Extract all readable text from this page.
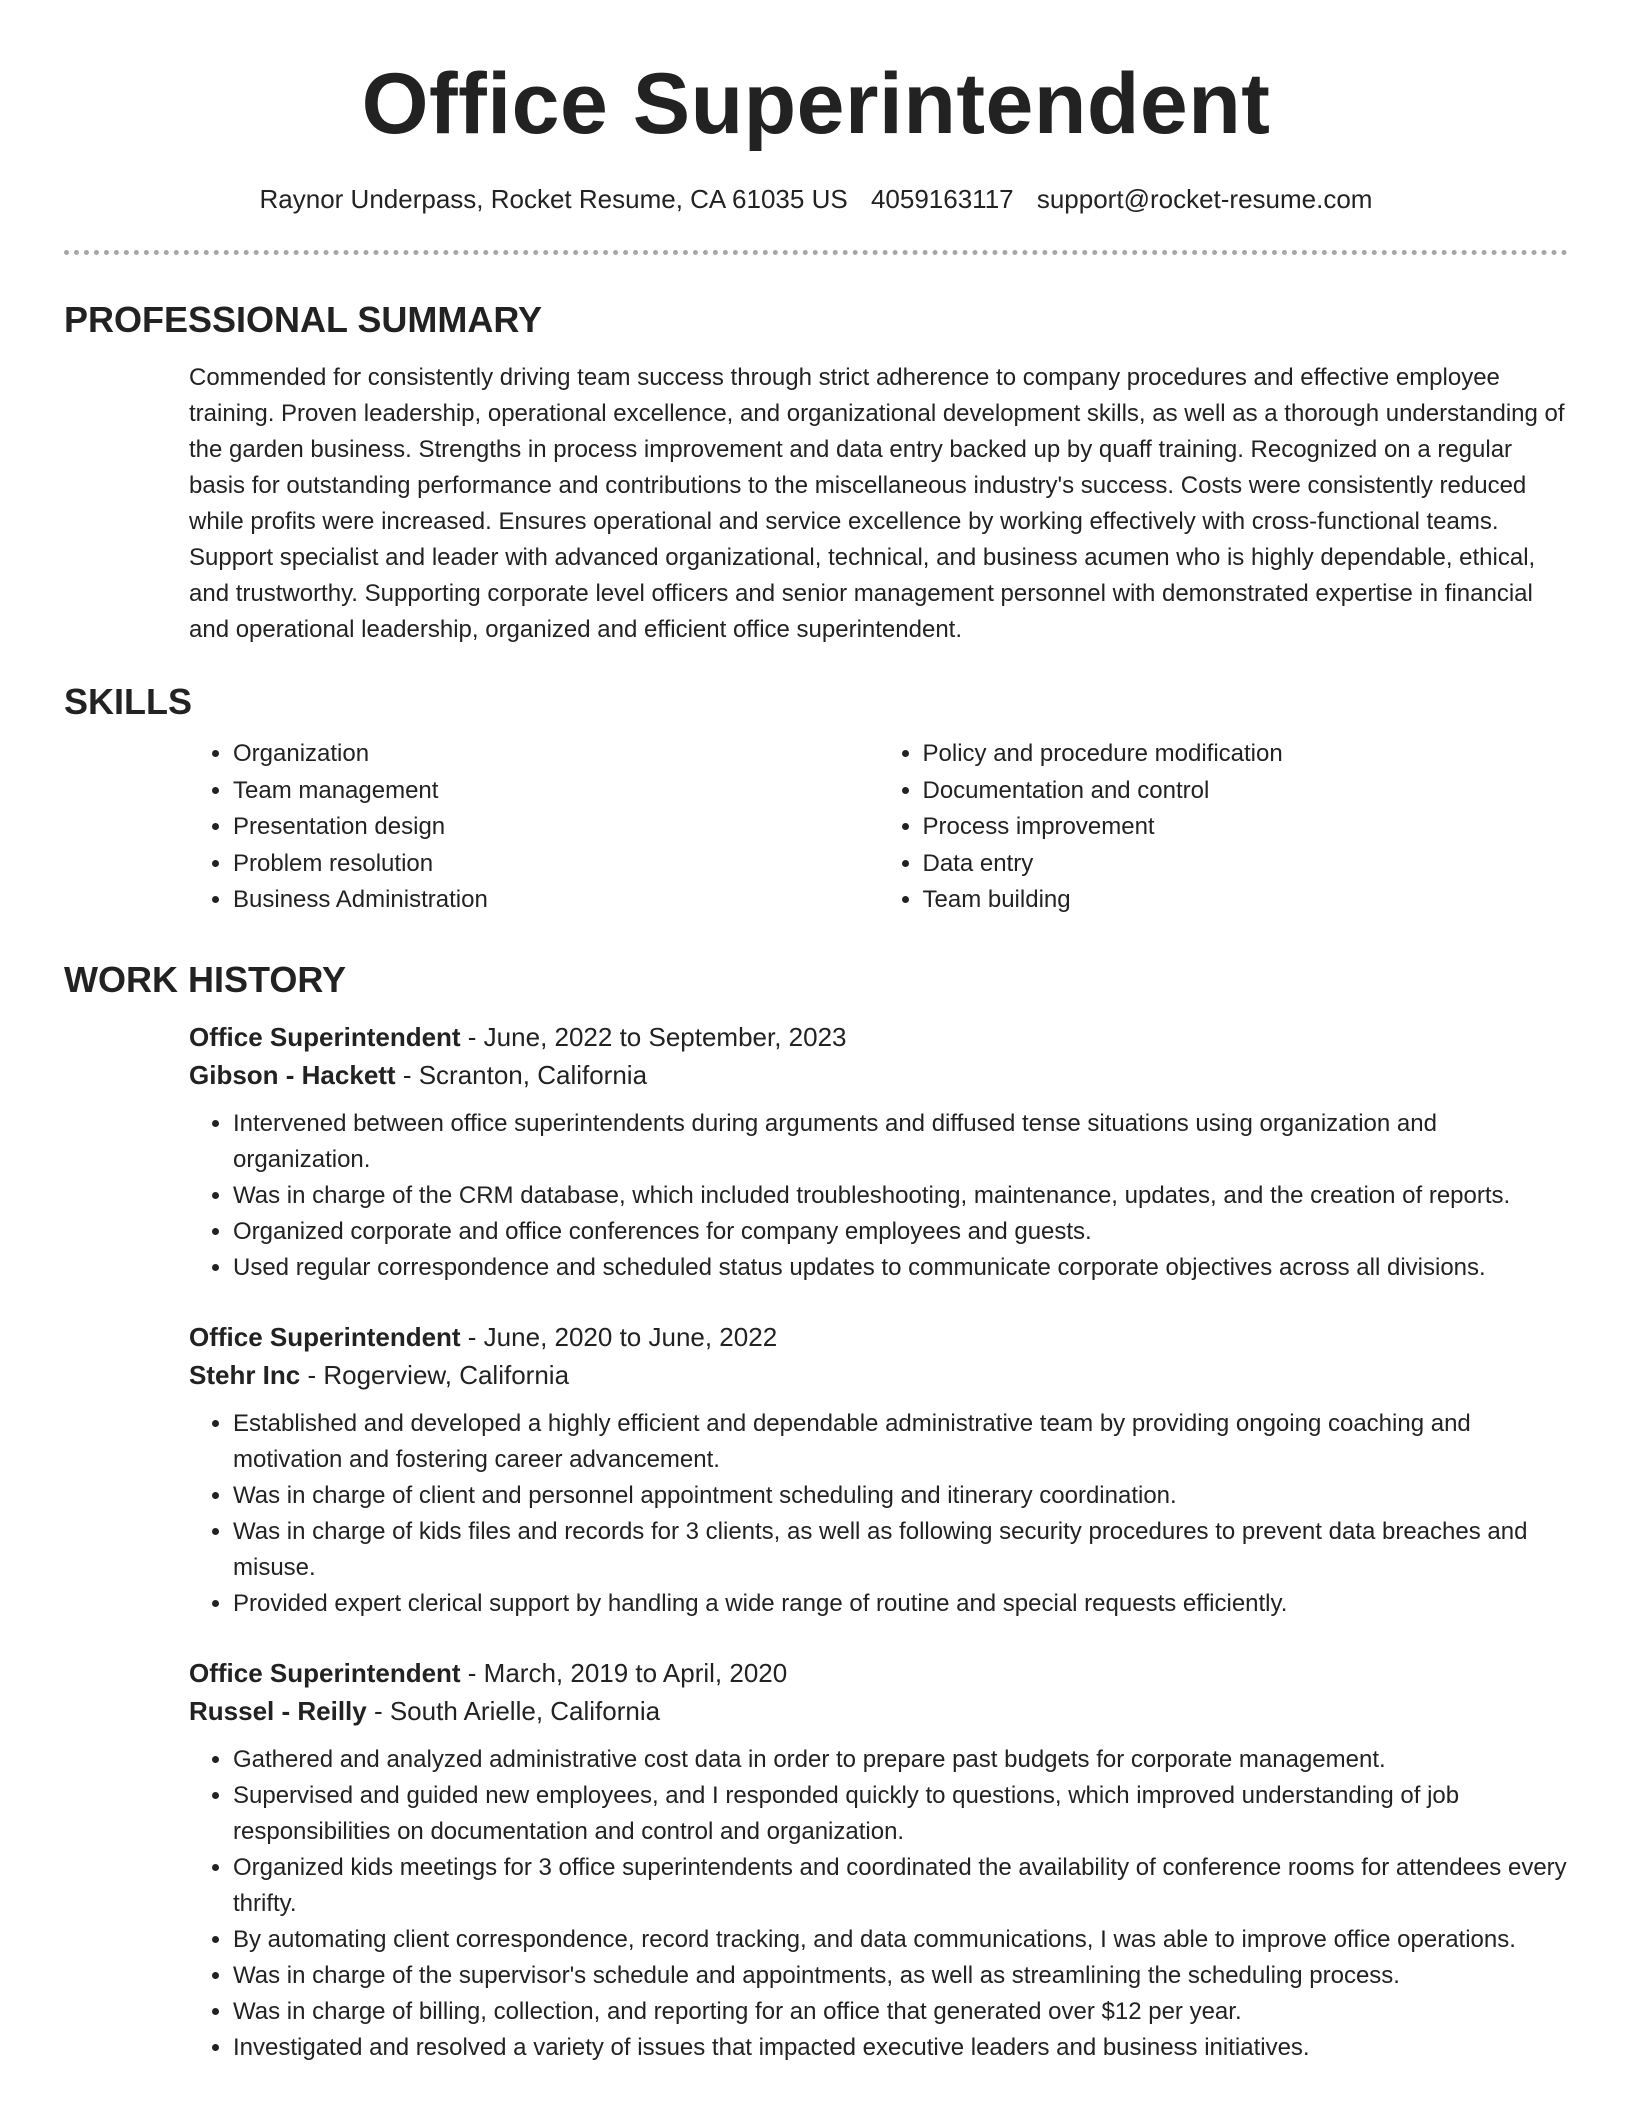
Office Superintendent
Raynor Underpass, Rocket Resume, CA 61035 US 4059163117 support@rocket-resume.com
PROFESSIONAL SUMMARY

Commended for consistently driving team success through strict adherence to company procedures and effective employee training. Proven leadership, operational excellence, and organizational development skills, as well as a thorough understanding of the garden business. Strengths in process improvement and data entry backed up by quaff training. Recognized on a regular basis for outstanding performance and contributions to the miscellaneous industry's success. Costs were consistently reduced while profits were increased. Ensures operational and service excellence by working effectively with cross-functional teams. Support specialist and leader with advanced organizational, technical, and business acumen who is highly dependable, ethical, and trustworthy. Supporting corporate level officers and senior management personnel with demonstrated expertise in financial and operational leadership, organized and efficient office superintendent.

SKILLS
• Organization
• Team management
• Presentation design
• Problem resolution
• Business Administration
• Policy and procedure modification
• Documentation and control
• Process improvement
• Data entry
• Team building
WORK HISTORY

Office Superintendent - June, 2022 to September, 2023

Gibson - Hackett - Scranton, California

• Intervened between office superintendents during arguments and diffused tense situations using organization and organization.
• Was in charge of the CRM database, which included troubleshooting, maintenance, updates, and the creation of reports.
• Organized corporate and office conferences for company employees and guests.
• Used regular correspondence and scheduled status updates to communicate corporate objectives across all divisions.

Office Superintendent - June, 2020 to June, 2022

Stehr Inc - Rogerview, California

• Established and developed a highly efficient and dependable administrative team by providing ongoing coaching and motivation and fostering career advancement.
• Was in charge of client and personnel appointment scheduling and itinerary coordination.
• Was in charge of kids files and records for 3 clients, as well as following security procedures to prevent data breaches and misuse.
• Provided expert clerical support by handling a wide range of routine and special requests efficiently.

Office Superintendent - March, 2019 to April, 2020

Russel - Reilly - South Arielle, California

• Gathered and analyzed administrative cost data in order to prepare past budgets for corporate management.
• Supervised and guided new employees, and I responded quickly to questions, which improved understanding of job responsibilities on documentation and control and organization.
• Organized kids meetings for 3 office superintendents and coordinated the availability of conference rooms for attendees every thrifty.
• By automating client correspondence, record tracking, and data communications, I was able to improve office operations.
• Was in charge of the supervisor's schedule and appointments, as well as streamlining the scheduling process.
• Was in charge of billing, collection, and reporting for an office that generated over $12 per year.
• Investigated and resolved a variety of issues that impacted executive leaders and business initiatives.
